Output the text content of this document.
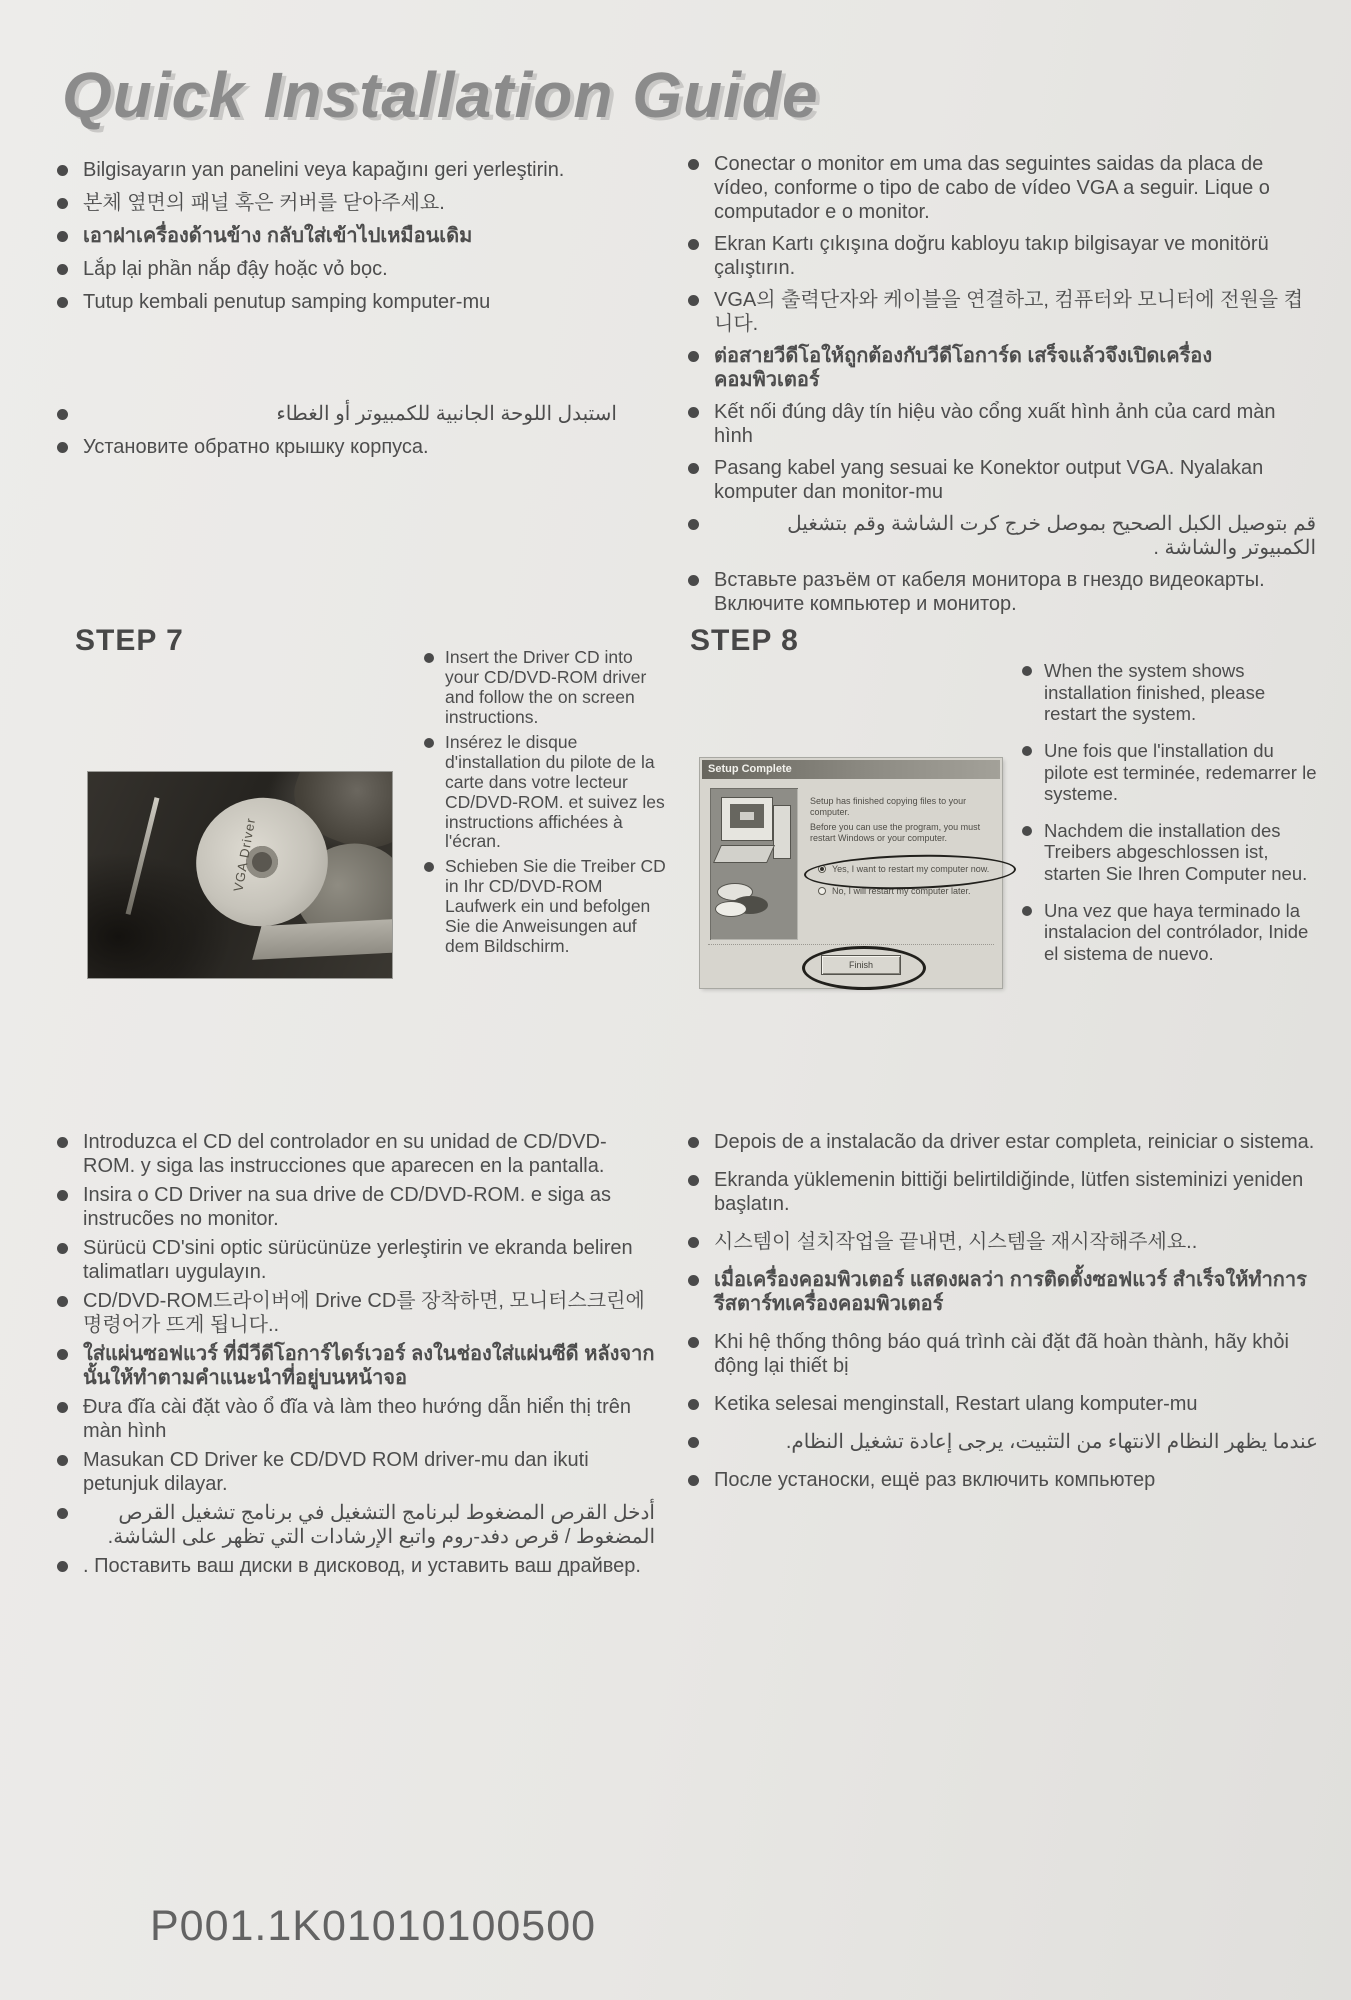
Quick Installation Guide
Bilgisayarın yan panelini veya kapağını geri yerleştirin.
본체 옆면의 패널 혹은 커버를 닫아주세요.
เอาฝาเครื่องด้านข้าง กลับใส่เข้าไปเหมือนเดิม
Lắp lại phần nắp đậy hoặc vỏ bọc.
Tutup kembali penutup samping komputer-mu
استبدل اللوحة الجانبية للكمبيوتر أو الغطاء
Установите обратно крышку корпуса.
Conectar o monitor em uma das seguintes saidas da placa de vídeo, conforme o tipo de cabo de vídeo VGA a seguir. Lique o computador e o monitor.
Ekran Kartı çıkışına doğru kabloyu takıp bilgisayar ve monitörü çalıştırın.
VGA의 출력단자와 케이블을 연결하고, 컴퓨터와 모니터에 전원을 켭니다.
ต่อสายวีดีโอให้ถูกต้องกับวีดีโอการ์ด เสร็จแล้วจึงเปิดเครื่องคอมพิวเตอร์
Kết nối đúng dây tín hiệu vào cổng xuất hình ảnh của card màn hình
Pasang kabel yang sesuai ke Konektor output VGA. Nyalakan komputer dan monitor-mu
قم بتوصيل الكبل الصحيح بموصل خرج كرت الشاشة وقم بتشغيل الكمبيوتر والشاشة .
Вставьте разъём от кабеля монитора в гнездо видеокарты. Включите компьютер и монитор.
STEP 7
VGA Driver
Insert the Driver CD into your CD/DVD-ROM driver and follow the on screen instructions.
Insérez le disque d'installation du pilote de la carte dans votre lecteur CD/DVD-ROM. et suivez les instructions affichées à l'écran.
Schieben Sie die Treiber CD in Ihr CD/DVD-ROM Laufwerk ein und befolgen Sie die Anweisungen auf dem Bildschirm.
STEP 8
Setup Complete
Setup has finished copying files to your computer.
Before you can use the program, you must restart Windows or your computer.
Yes, I want to restart my computer now.
No, I will restart my computer later.
Finish
When the system shows installation finished, please restart the system.
Une fois que l'installation du pilote est terminée, redemarrer le systeme.
Nachdem die installation des Treibers abgeschlossen ist, starten Sie Ihren Computer neu.
Una vez que haya terminado la instalacion del contrólador, Inide el sistema de nuevo.
Introduzca el CD del controlador en su unidad de CD/DVD-ROM. y siga las instrucciones que aparecen en la pantalla.
Insira o CD Driver na sua drive de CD/DVD-ROM. e siga as instrucões no monitor.
Sürücü CD'sini optic sürücünüze yerleştirin ve ekranda beliren talimatları uygulayın.
CD/DVD-ROM드라이버에 Drive CD를 장착하면, 모니터스크린에 명령어가 뜨게 됩니다..
ใส่แผ่นซอฟแวร์ ที่มีวีดีโอการ์ไดร์เวอร์ ลงในช่องใส่แผ่นซีดี หลังจากนั้นให้ทำตามคำแนะนำที่อยู่บนหน้าจอ
Đưa đĩa cài đặt vào ổ đĩa và làm theo hướng dẫn hiển thị trên màn hình
Masukan CD Driver ke CD/DVD ROM driver-mu dan ikuti petunjuk dilayar.
أدخل القرص المضغوط لبرنامج التشغيل في برنامج تشغيل القرص المضغوط / قرص دفد-روم واتبع الإرشادات التي تظهر على الشاشة.
. Поставить ваш диски в дисковод, и уставить ваш драйвер.
Depois de a instalacão da driver estar completa, reiniciar o sistema.
Ekranda yüklemenin bittiği belirtildiğinde, lütfen sisteminizi yeniden başlatın.
시스템이 설치작업을 끝내면, 시스템을 재시작해주세요..
เมื่อเครื่องคอมพิวเตอร์ แสดงผลว่า การติดตั้งซอฟแวร์ สำเร็จให้ทำการ รีสตาร์ทเครื่องคอมพิวเตอร์
Khi hệ thống thông báo quá trình cài đặt đã hoàn thành, hãy khỏi động lại thiết bị
Ketika selesai menginstall, Restart ulang komputer-mu
عندما يظهر النظام الانتهاء من التثبيت، يرجى إعادة تشغيل النظام.
После устаноски, ещё раз включить компьютер

P001.1K01010100500
